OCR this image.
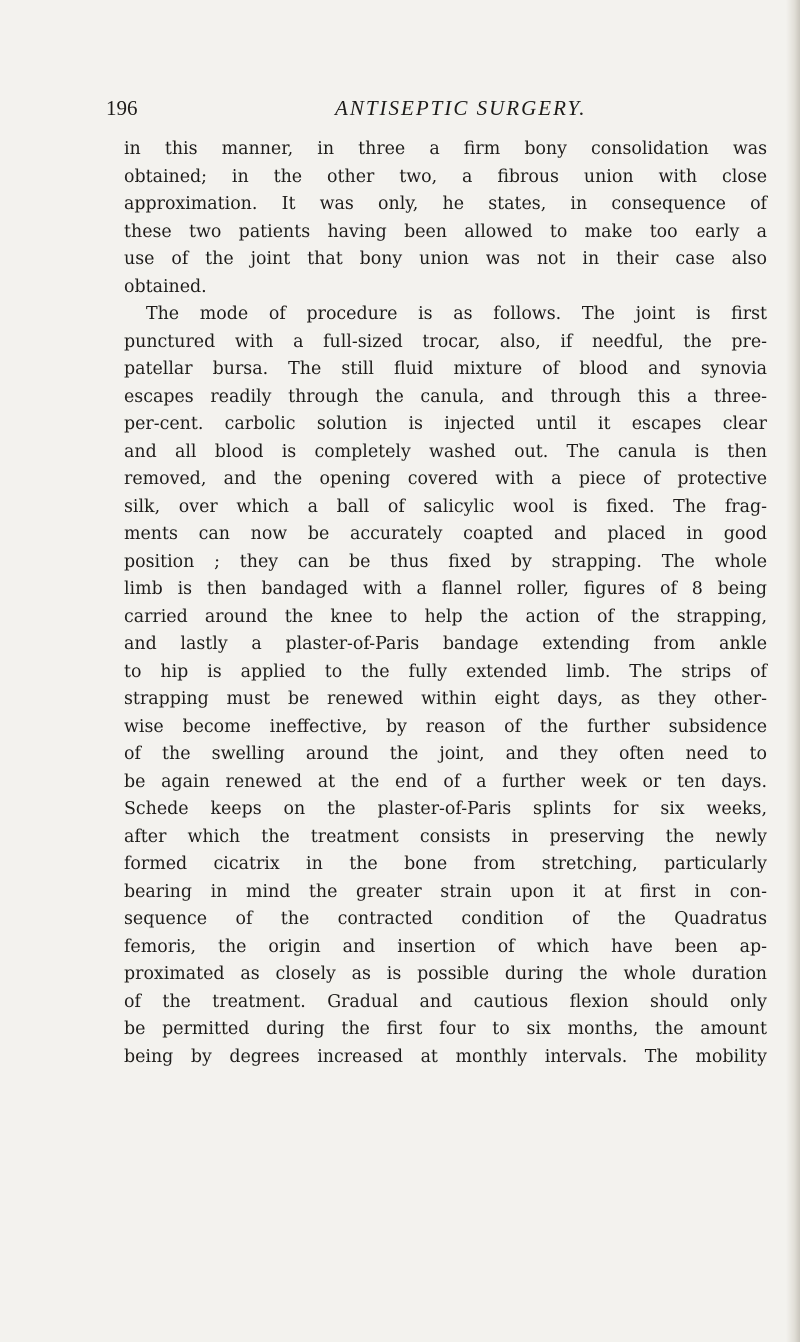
196	ANTISEPTIC SURGERY.
in this manner, in three a firm bony consolidation was
obtained; in the other two, a fibrous union with close
approximation. It was only, he states, in consequence of
these two patients having been allowed to make too early a
use of the joint that bony union was not in their case also
obtained.
The mode of procedure is as follows. The joint is first
punctured with a full-sized trocar, also, if needful, the pre-
patellar bursa. The still fluid mixture of blood and synovia
escapes readily through the canula, and through this a three-
per-cent. carbolic solution is injected until it escapes clear
and all blood is completely washed out. The canula is then
removed, and the opening covered with a piece of protective
silk, over which a ball of salicylic wool is fixed. The frag-
ments can now be accurately coapted and placed in good
position ; they can be thus fixed by strapping. The whole
limb is then bandaged with a flannel roller, figures of 8 being
carried around the knee to help the action of the strapping,
and lastly a plaster-of-Paris bandage extending from ankle
to hip is applied to the fully extended limb. The strips of
strapping must be renewed within eight days, as they other-
wise become ineffective, by reason of the further subsidence
of the swelling around the joint, and they often need to
be again renewed at the end of a further week or ten days.
Schede keeps on the plaster-of-Paris splints for six weeks,
after which the treatment consists in preserving the newly
formed cicatrix in the bone from stretching, particularly
bearing in mind the greater strain upon it at first in con-
sequence of the contracted condition of the Quadratus
femoris, the origin and insertion of which have been ap-
proximated as closely as is possible during the whole duration
of the treatment. Gradual and cautious flexion should only
be permitted during the first four to six months, the amount
being by degrees increased at monthly intervals. The mobility
